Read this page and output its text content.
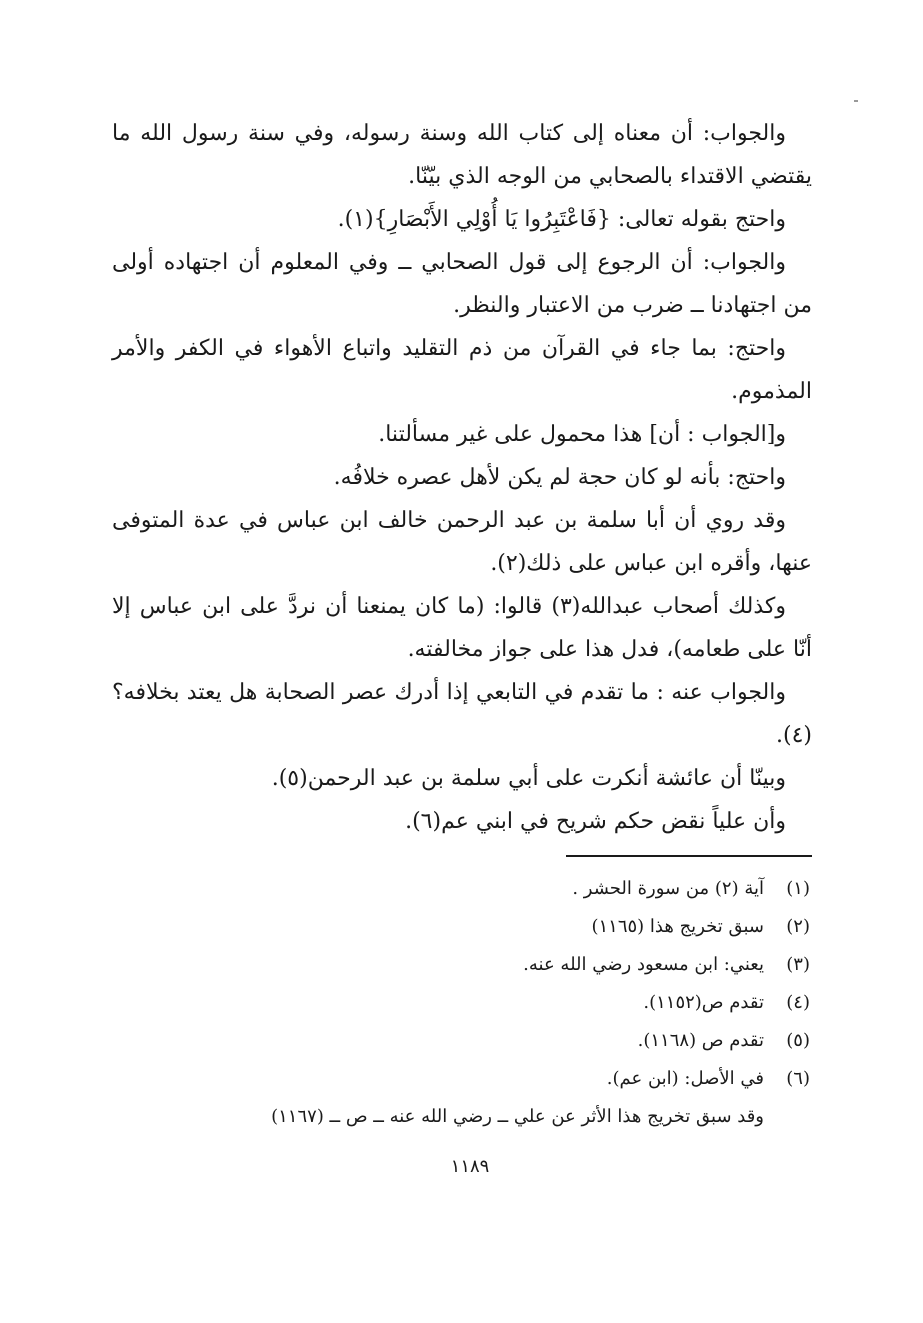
والجواب: أن معناه إلى كتاب الله وسنة رسوله، وفي سنة رسول الله ما يقتضي الاقتداء بالصحابي من الوجه الذي بيّنّا.

واحتج بقوله تعالى: {فَاعْتَبِرُوا يَا أُوْلِي الأَبْصَارِ}(١).

والجواب: أن الرجوع إلى قول الصحابي ــ وفي المعلوم أن اجتهاده أولى من اجتهادنا ــ ضرب من الاعتبار والنظر.

واحتج: بما جاء في القرآن من ذم التقليد واتباع الأهواء في الكفر والأمر المذموم.

و[الجواب : أن] هذا محمول على غير مسألتنا.

واحتج: بأنه لو كان حجة لم يكن لأهل عصره خلافُه.

وقد روي أن أبا سلمة بن عبد الرحمن خالف ابن عباس في عدة المتوفى عنها، وأقره ابن عباس على ذلك(٢).

وكذلك أصحاب عبدالله(٣) قالوا: (ما كان يمنعنا أن نردَّ على ابن عباس إلا أنّا على طعامه)، فدل هذا على جواز مخالفته.

والجواب عنه : ما تقدم في التابعي إذا أدرك عصر الصحابة هل يعتد بخلافه؟(٤).

وبينّا أن عائشة أنكرت على أبي سلمة بن عبد الرحمن(٥).

وأن علياً نقض حكم شريح في ابني عم(٦).

(١)
آية (٢) من سورة الحشر .
(٢)
سبق تخريج هذا (١١٦٥)
(٣)
يعني: ابن مسعود رضي الله عنه.
(٤)
تقدم ص(١١٥٢).
(٥)
تقدم ص (١١٦٨).
(٦)
في الأصل: (ابن عم).
وقد سبق تخريج هذا الأثر عن علي ــ رضي الله عنه ــ ص ــ (١١٦٧)
١١٨٩
